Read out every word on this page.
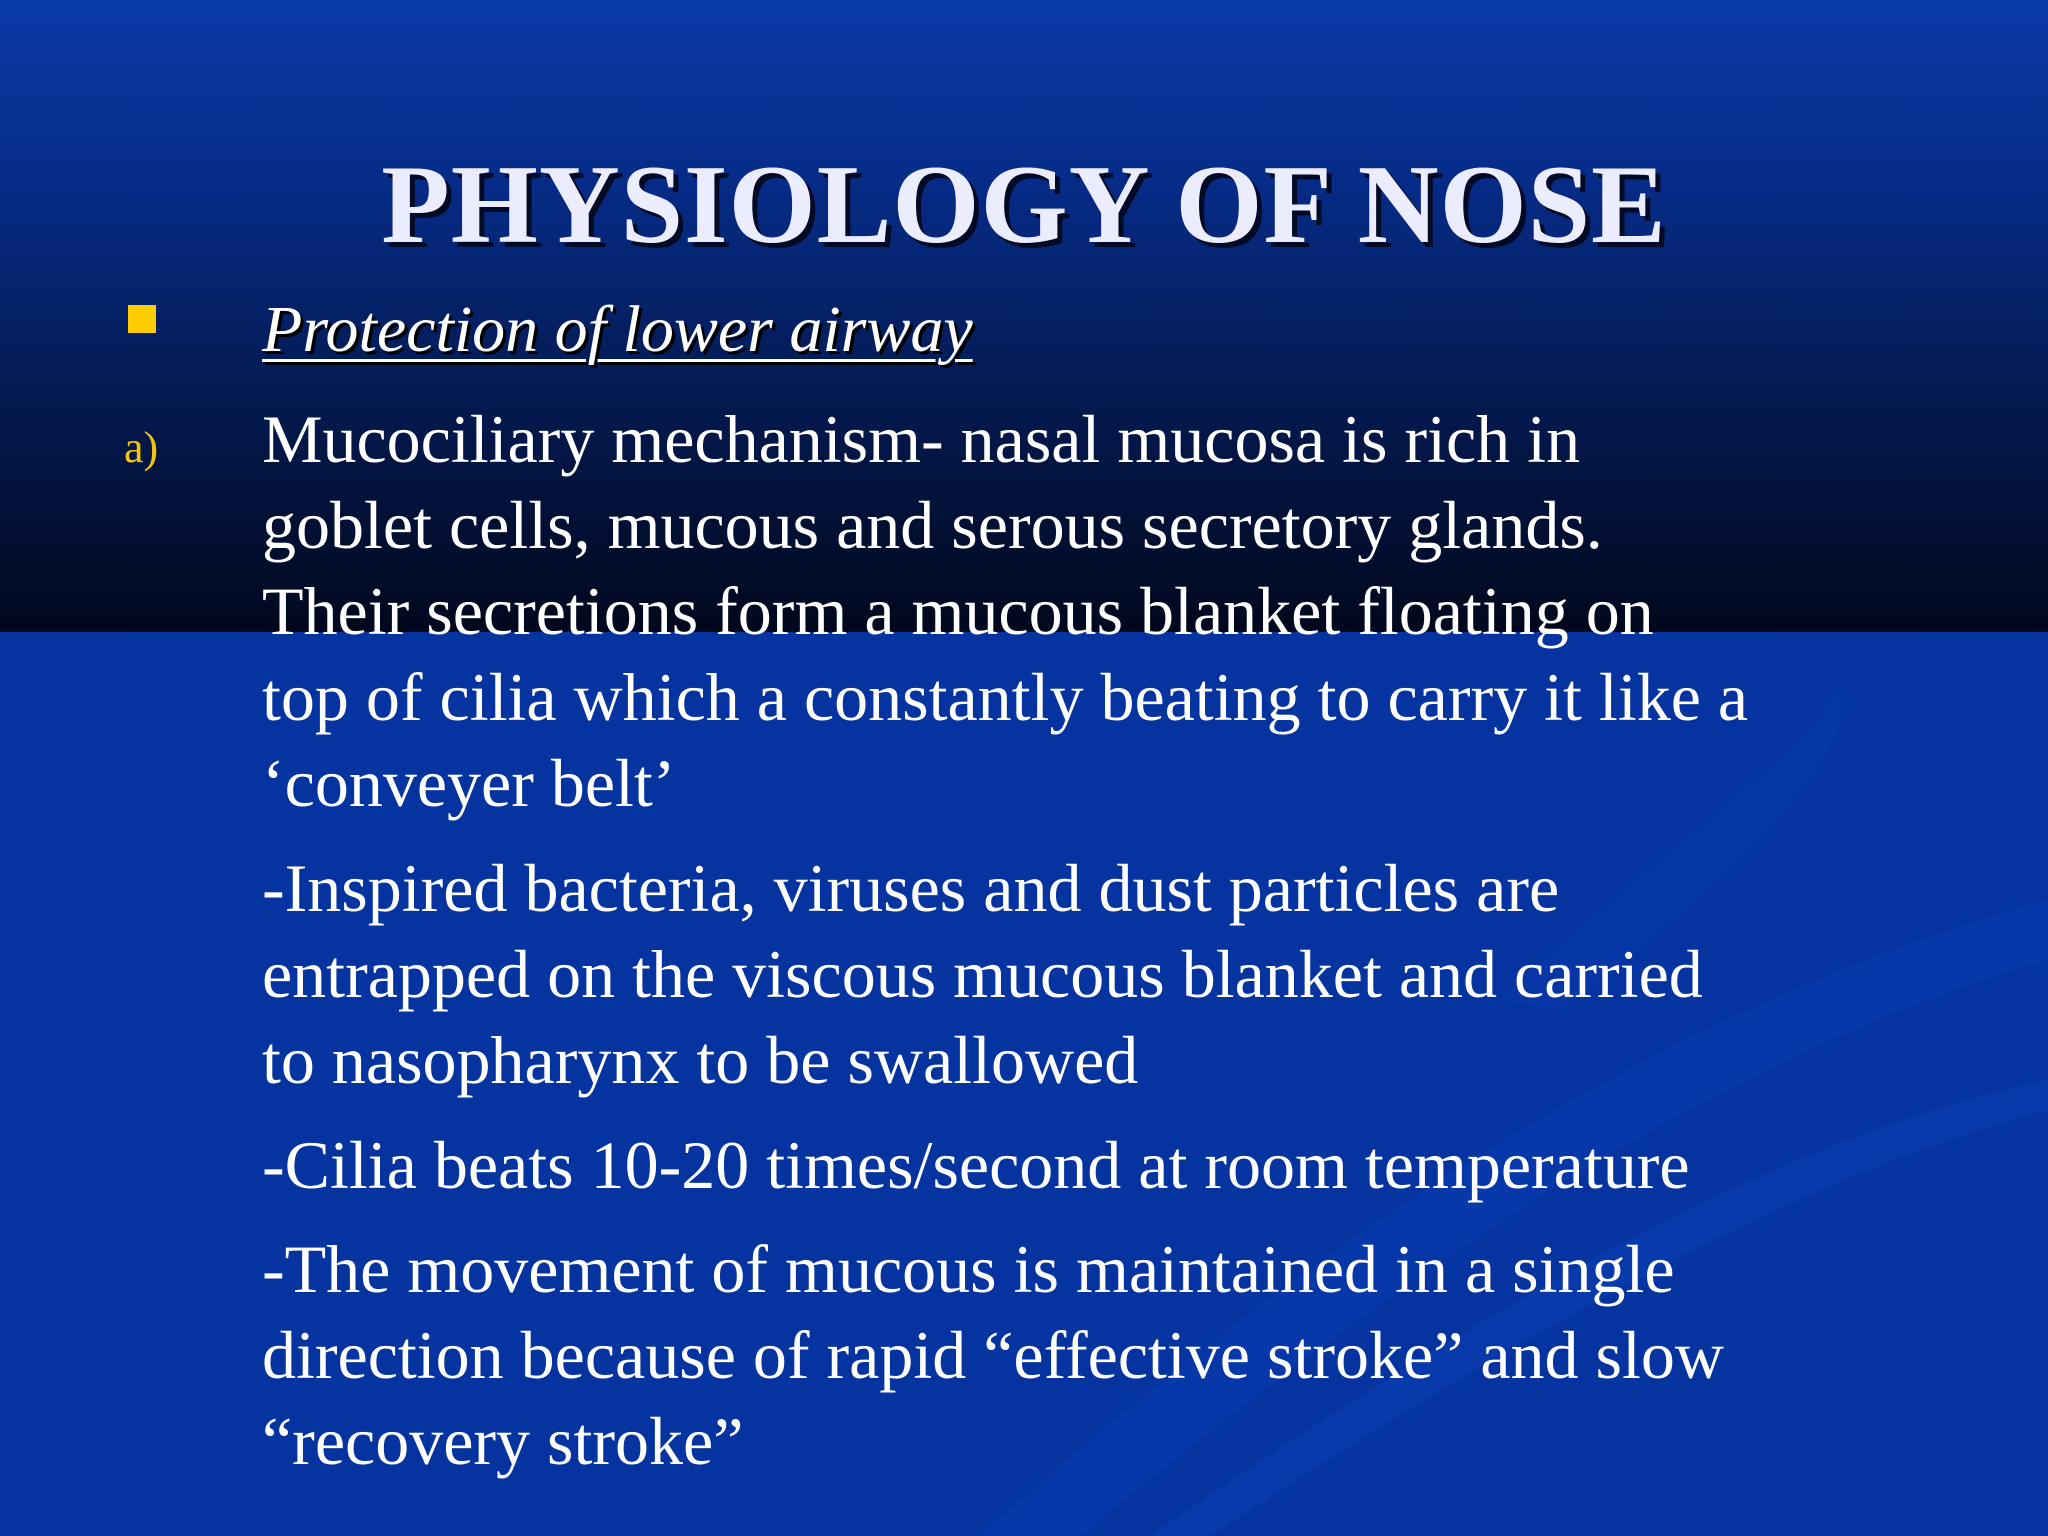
PHYSIOLOGY OF NOSE
Protection of lower airway
a) Mucociliary mechanism- nasal mucosa is rich in
goblet cells, mucous and serous secretory glands.
Their secretions form a mucous blanket floating on
top of cilia which a constantly beating to carry it like a
‘conveyer belt’
-Inspired bacteria, viruses and dust particles are
entrapped on the viscous mucous blanket and carried
to nasopharynx to be swallowed
-Cilia beats 10-20 times/second at room temperature
-The movement of mucous is maintained in a single
direction because of rapid “effective stroke” and slow
“recovery stroke”
